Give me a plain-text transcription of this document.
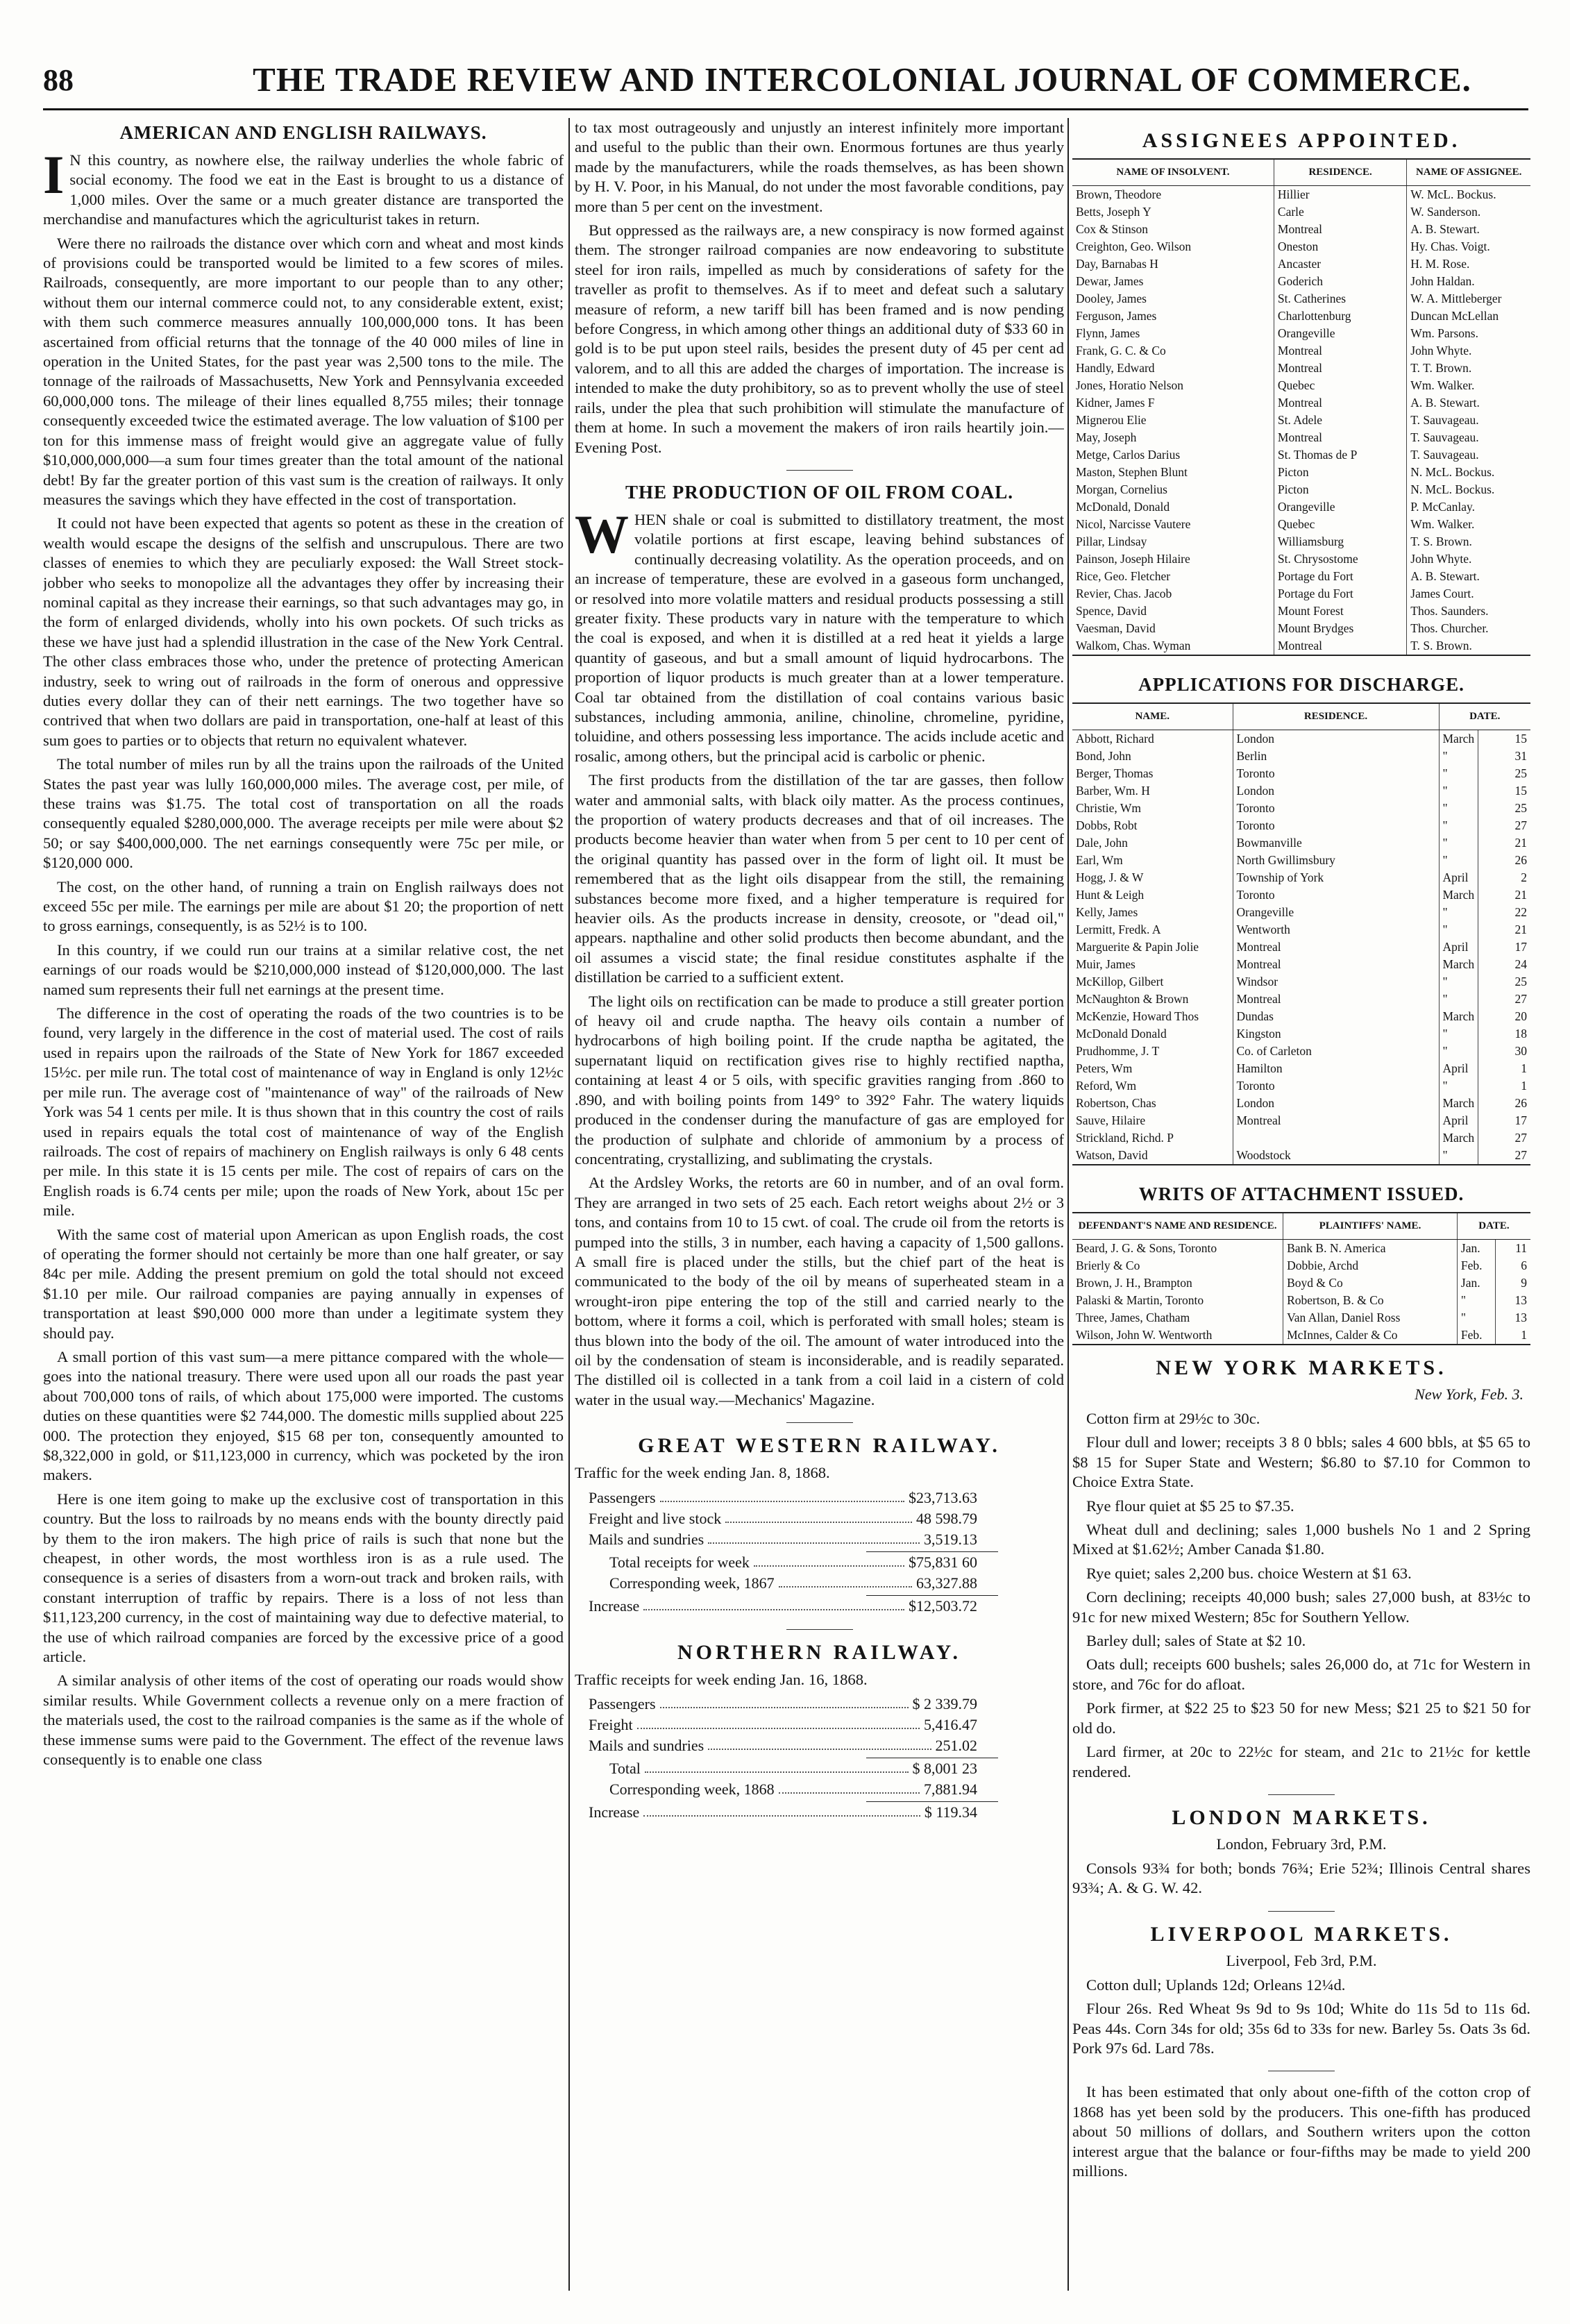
88	THE TRADE REVIEW AND INTERCOLONIAL JOURNAL OF COMMERCE.
AMERICAN AND ENGLISH RAILWAYS.

I N this country, as nowhere else, the railway underlies the whole fabric of social economy. The food we eat in the East is brought to us a distance of 1,000 miles. Over the same or a much greater distance are transported the merchandise and manufactures which the agriculturist takes in return.

Were there no railroads the distance over which corn and wheat and most kinds of provisions could be transported would be limited to a few scores of miles. Railroads, consequently, are more important to our people than to any other; without them our internal commerce could not, to any considerable extent, exist; with them such commerce measures annually 100,000,000 tons. It has been ascertained from official returns that the tonnage of the 40 000 miles of line in operation in the United States, for the past year was 2,500 tons to the mile. The tonnage of the railroads of Massachusetts, New York and Pennsylvania exceeded 60,000,000 tons. The mileage of their lines equalled 8,755 miles; their tonnage consequently exceeded twice the estimated average. The low valuation of $100 per ton for this immense mass of freight would give an aggregate value of fully $10,000,000,000—a sum four times greater than the total amount of the national debt! By far the greater portion of this vast sum is the creation of railways. It only measures the savings which they have effected in the cost of transportation.

It could not have been expected that agents so potent as these in the creation of wealth would escape the designs of the selfish and unscrupulous. There are two classes of enemies to which they are peculiarly exposed: the Wall Street stock-jobber who seeks to monopolize all the advantages they offer by increasing their nominal capital as they increase their earnings, so that such advantages may go, in the form of enlarged dividends, wholly into his own pockets. Of such tricks as these we have just had a splendid illustration in the case of the New York Central. The other class embraces those who, under the pretence of protecting American industry, seek to wring out of railroads in the form of onerous and oppressive duties every dollar they can of their nett earnings. The two together have so contrived that when two dollars are paid in transportation, one-half at least of this sum goes to parties or to objects that return no equivalent whatever.

The total number of miles run by all the trains upon the railroads of the United States the past year was lully 160,000,000 miles. The average cost, per mile, of these trains was $1.75. The total cost of transportation on all the roads consequently equaled $280,000,000. The average receipts per mile were about $2 50; or say $400,000,000. The net earnings consequently were 75c per mile, or $120,000 000.

The cost, on the other hand, of running a train on English railways does not exceed 55c per mile. The earnings per mile are about $1 20; the proportion of nett to gross earnings, consequently, is as 52½ is to 100.

In this country, if we could run our trains at a similar relative cost, the net earnings of our roads would be $210,000,000 instead of $120,000,000. The last named sum represents their full net earnings at the present time.

The difference in the cost of operating the roads of the two countries is to be found, very largely in the difference in the cost of material used. The cost of rails used in repairs upon the railroads of the State of New York for 1867 exceeded 15½c. per mile run. The total cost of maintenance of way in England is only 12½c per mile run. The average cost of "maintenance of way" of the railroads of New York was 54 1 cents per mile. It is thus shown that in this country the cost of rails used in repairs equals the total cost of maintenance of way of the English railroads. The cost of repairs of machinery on English railways is only 6 48 cents per mile. In this state it is 15 cents per mile. The cost of repairs of cars on the English roads is 6.74 cents per mile; upon the roads of New York, about 15c per mile.

With the same cost of material upon American as upon English roads, the cost of operating the former should not certainly be more than one half greater, or say 84c per mile. Adding the present premium on gold the total should not exceed $1.10 per mile. Our railroad companies are paying annually in expenses of transportation at least $90,000 000 more than under a legitimate system they should pay.

A small portion of this vast sum—a mere pittance compared with the whole—goes into the national treasury. There were used upon all our roads the past year about 700,000 tons of rails, of which about 175,000 were imported. The customs duties on these quantities were $2 744,000. The domestic mills supplied about 225 000. The protection they enjoyed, $15 68 per ton, consequently amounted to $8,322,000 in gold, or $11,123,000 in currency, which was pocketed by the iron makers.

Here is one item going to make up the exclusive cost of transportation in this country. But the loss to railroads by no means ends with the bounty directly paid by them to the iron makers. The high price of rails is such that none but the cheapest, in other words, the most worthless iron is as a rule used. The consequence is a series of disasters from a worn-out track and broken rails, with constant interruption of traffic by repairs. There is a loss of not less than $11,123,200 currency, in the cost of maintaining way due to defective material, to the use of which railroad companies are forced by the excessive price of a good article.

A similar analysis of other items of the cost of operating our roads would show similar results. While Government collects a revenue only on a mere fraction of the materials used, the cost to the railroad companies is the same as if the whole of these immense sums were paid to the Government. The effect of the revenue laws consequently is to enable one class

to tax most outrageously and unjustly an interest infinitely more important and useful to the public than their own. Enormous fortunes are thus yearly made by the manufacturers, while the roads themselves, as has been shown by H. V. Poor, in his Manual, do not under the most favorable conditions, pay more than 5 per cent on the investment.

But oppressed as the railways are, a new conspiracy is now formed against them. The stronger railroad companies are now endeavoring to substitute steel for iron rails, impelled as much by considerations of safety for the traveller as profit to themselves. As if to meet and defeat such a salutary measure of reform, a new tariff bill has been framed and is now pending before Congress, in which among other things an additional duty of $33 60 in gold is to be put upon steel rails, besides the present duty of 45 per cent ad valorem, and to all this are added the charges of importation. The increase is intended to make the duty prohibitory, so as to prevent wholly the use of steel rails, under the plea that such prohibition will stimulate the manufacture of them at home. In such a movement the makers of iron rails heartily join.—Evening Post.

THE PRODUCTION OF OIL FROM COAL.

WHEN shale or coal is submitted to distillatory treatment, the most volatile portions at first escape, leaving behind substances of continually decreasing volatility. As the operation proceeds, and on an increase of temperature, these are evolved in a gaseous form unchanged, or resolved into more volatile matters and residual products possessing a still greater fixity. These products vary in nature with the temperature to which the coal is exposed, and when it is distilled at a red heat it yields a large quantity of gaseous, and but a small amount of liquid hydrocarbons. The proportion of liquor products is much greater than at a lower temperature. Coal tar obtained from the distillation of coal contains various basic substances, including ammonia, aniline, chinoline, chromeline, pyridine, toluidine, and others possessing less importance. The acids include acetic and rosalic, among others, but the principal acid is carbolic or phenic.

The first products from the distillation of the tar are gasses, then follow water and ammonial salts, with black oily matter. As the process continues, the proportion of watery products decreases and that of oil increases. The products become heavier than water when from 5 per cent to 10 per cent of the original quantity has passed over in the form of light oil. It must be remembered that as the light oils disappear from the still, the remaining substances become more fixed, and a higher temperature is required for heavier oils. As the products increase in density, creosote, or "dead oil," appears. napthaline and other solid products then become abundant, and the oil assumes a viscid state; the final residue constitutes asphalte if the distillation be carried to a sufficient extent.

The light oils on rectification can be made to produce a still greater portion of heavy oil and crude naptha. The heavy oils contain a number of hydrocarbons of high boiling point. If the crude naptha be agitated, the supernatant liquid on rectification gives rise to highly rectified naptha, containing at least 4 or 5 oils, with specific gravities ranging from .860 to .890, and with boiling points from 149° to 392° Fahr. The watery liquids produced in the condenser during the manufacture of gas are employed for the production of sulphate and chloride of ammonium by a process of concentrating, crystallizing, and sublimating the crystals.

At the Ardsley Works, the retorts are 60 in number, and of an oval form. They are arranged in two sets of 25 each. Each retort weighs about 2½ or 3 tons, and contains from 10 to 15 cwt. of coal. The crude oil from the retorts is pumped into the stills, 3 in number, each having a capacity of 1,500 gallons. A small fire is placed under the stills, but the chief part of the heat is communicated to the body of the oil by means of superheated steam in a wrought-iron pipe entering the top of the still and carried nearly to the bottom, where it forms a coil, which is perforated with small holes; steam is thus blown into the body of the oil. The amount of water introduced into the oil by the condensation of steam is inconsiderable, and is readily separated. The distilled oil is collected in a tank from a coil laid in a cistern of cold water in the usual way.—Mechanics' Magazine.

GREAT WESTERN RAILWAY.

Traffic for the week ending Jan. 8, 1868.

Passengers	$23,713.63
Freight and live stock	48 598.79
Mails and sundries	3,519.13
Total receipts for week	$75,831 60
Corresponding week, 1867	63,327.88
Increase	$12,503.72
NORTHERN RAILWAY.

Traffic receipts for week ending Jan. 16, 1868.

Passengers	$ 2 339.79
Freight	5,416.47
Mails and sundries	251.02
Total	$ 8,001 23
Corresponding week, 1868	7,881.94
Increase	$ 119.34
ASSIGNEES APPOINTED.
NAME OF INSOLVENT.	RESIDENCE.	NAME OF ASSIGNEE.
Brown, Theodore	Hillier	W. McL. Bockus.
Betts, Joseph Y	Carle	W. Sanderson.
Cox & Stinson	Montreal	A. B. Stewart.
Creighton, Geo. Wilson	Oneston	Hy. Chas. Voigt.
Day, Barnabas H	Ancaster	H. M. Rose.
Dewar, James	Goderich	John Haldan.
Dooley, James	St. Catherines	W. A. Mittleberger
Ferguson, James	Charlottenburg	Duncan McLellan
Flynn, James	Orangeville	Wm. Parsons.
Frank, G. C. & Co	Montreal	John Whyte.
Handly, Edward	Montreal	T. T. Brown.
Jones, Horatio Nelson	Quebec	Wm. Walker.
Kidner, James F	Montreal	A. B. Stewart.
Mignerou Elie	St. Adele	T. Sauvageau.
May, Joseph	Montreal	T. Sauvageau.
Metge, Carlos Darius	St. Thomas de P	T. Sauvageau.
Maston, Stephen Blunt	Picton	N. McL. Bockus.
Morgan, Cornelius	Picton	N. McL. Bockus.
McDonald, Donald	Orangeville	P. McCanlay.
Nicol, Narcisse Vautere	Quebec	Wm. Walker.
Pillar, Lindsay	Williamsburg	T. S. Brown.
Painson, Joseph Hilaire	St. Chrysostome	John Whyte.
Rice, Geo. Fletcher	Portage du Fort	A. B. Stewart.
Revier, Chas. Jacob	Portage du Fort	James Court.
Spence, David	Mount Forest	Thos. Saunders.
Vaesman, David	Mount Brydges	Thos. Churcher.
Walkom, Chas. Wyman	Montreal	T. S. Brown.
APPLICATIONS FOR DISCHARGE.
NAME.	RESIDENCE.	DATE.	
Abbott, Richard	London	March	15
Bond, John	Berlin	"	31
Berger, Thomas	Toronto	"	25
Barber, Wm. H	London	"	15
Christie, Wm	Toronto	"	25
Dobbs, Robt	Toronto	"	27
Dale, John	Bowmanville	"	21
Earl, Wm	North Gwillimsbury	"	26
Hogg, J. & W	Township of York	April	2
Hunt & Leigh	Toronto	March	21
Kelly, James	Orangeville	"	22
Lermitt, Fredk. A	Wentworth	"	21
Marguerite & Papin Jolie	Montreal	April	17
Muir, James	Montreal	March	24
McKillop, Gilbert	Windsor	"	25
McNaughton & Brown	Montreal	"	27
McKenzie, Howard Thos	Dundas	March	20
McDonald Donald	Kingston	"	18
Prudhomme, J. T	Co. of Carleton	"	30
Peters, Wm	Hamilton	April	1
Reford, Wm	Toronto	"	1
Robertson, Chas	London	March	26
Sauve, Hilaire	Montreal	April	17
Strickland, Richd. P		March	27
Watson, David	Woodstock	"	27
WRITS OF ATTACHMENT ISSUED.
DEFENDANT'S NAME AND RESIDENCE.	PLAINTIFFS' NAME.	DATE.	
Beard, J. G. & Sons, Toronto	Bank B. N. America	Jan.	11
Brierly & Co	Dobbie, Archd	Feb.	6
Brown, J. H., Brampton	Boyd & Co	Jan.	9
Palaski & Martin, Toronto	Robertson, B. & Co	"	13
Three, James, Chatham	Van Allan, Daniel Ross	"	13
Wilson, John W. Wentworth	McInnes, Calder & Co	Feb.	1
NEW YORK MARKETS.
New York, Feb. 3.

Cotton firm at 29½c to 30c.

Flour dull and lower; receipts 3 8 0 bbls; sales 4 600 bbls, at $5 65 to $8 15 for Super State and Western; $6.80 to $7.10 for Common to Choice Extra State.

Rye flour quiet at $5 25 to $7.35.

Wheat dull and declining; sales 1,000 bushels No 1 and 2 Spring Mixed at $1.62½; Amber Canada $1.80.

Rye quiet; sales 2,200 bus. choice Western at $1 63.

Corn declining; receipts 40,000 bush; sales 27,000 bush, at 83½c to 91c for new mixed Western; 85c for Southern Yellow.

Barley dull; sales of State at $2 10.

Oats dull; receipts 600 bushels; sales 26,000 do, at 71c for Western in store, and 76c for do afloat.

Pork firmer, at $22 25 to $23 50 for new Mess; $21 25 to $21 50 for old do.

Lard firmer, at 20c to 22½c for steam, and 21c to 21½c for kettle rendered.

LONDON MARKETS.
London, February 3rd, P.M.

Consols 93¾ for both; bonds 76¾; Erie 52¾; Illinois Central shares 93¾; A. & G. W. 42.

LIVERPOOL MARKETS.
Liverpool, Feb 3rd, P.M.

Cotton dull; Uplands 12d; Orleans 12¼d.

Flour 26s. Red Wheat 9s 9d to 9s 10d; White do 11s 5d to 11s 6d. Peas 44s. Corn 34s for old; 35s 6d to 33s for new. Barley 5s. Oats 3s 6d. Pork 97s 6d. Lard 78s.

It has been estimated that only about one-fifth of the cotton crop of 1868 has yet been sold by the producers. This one-fifth has produced about 50 millions of dollars, and Southern writers upon the cotton interest argue that the balance or four-fifths may be made to yield 200 millions.
